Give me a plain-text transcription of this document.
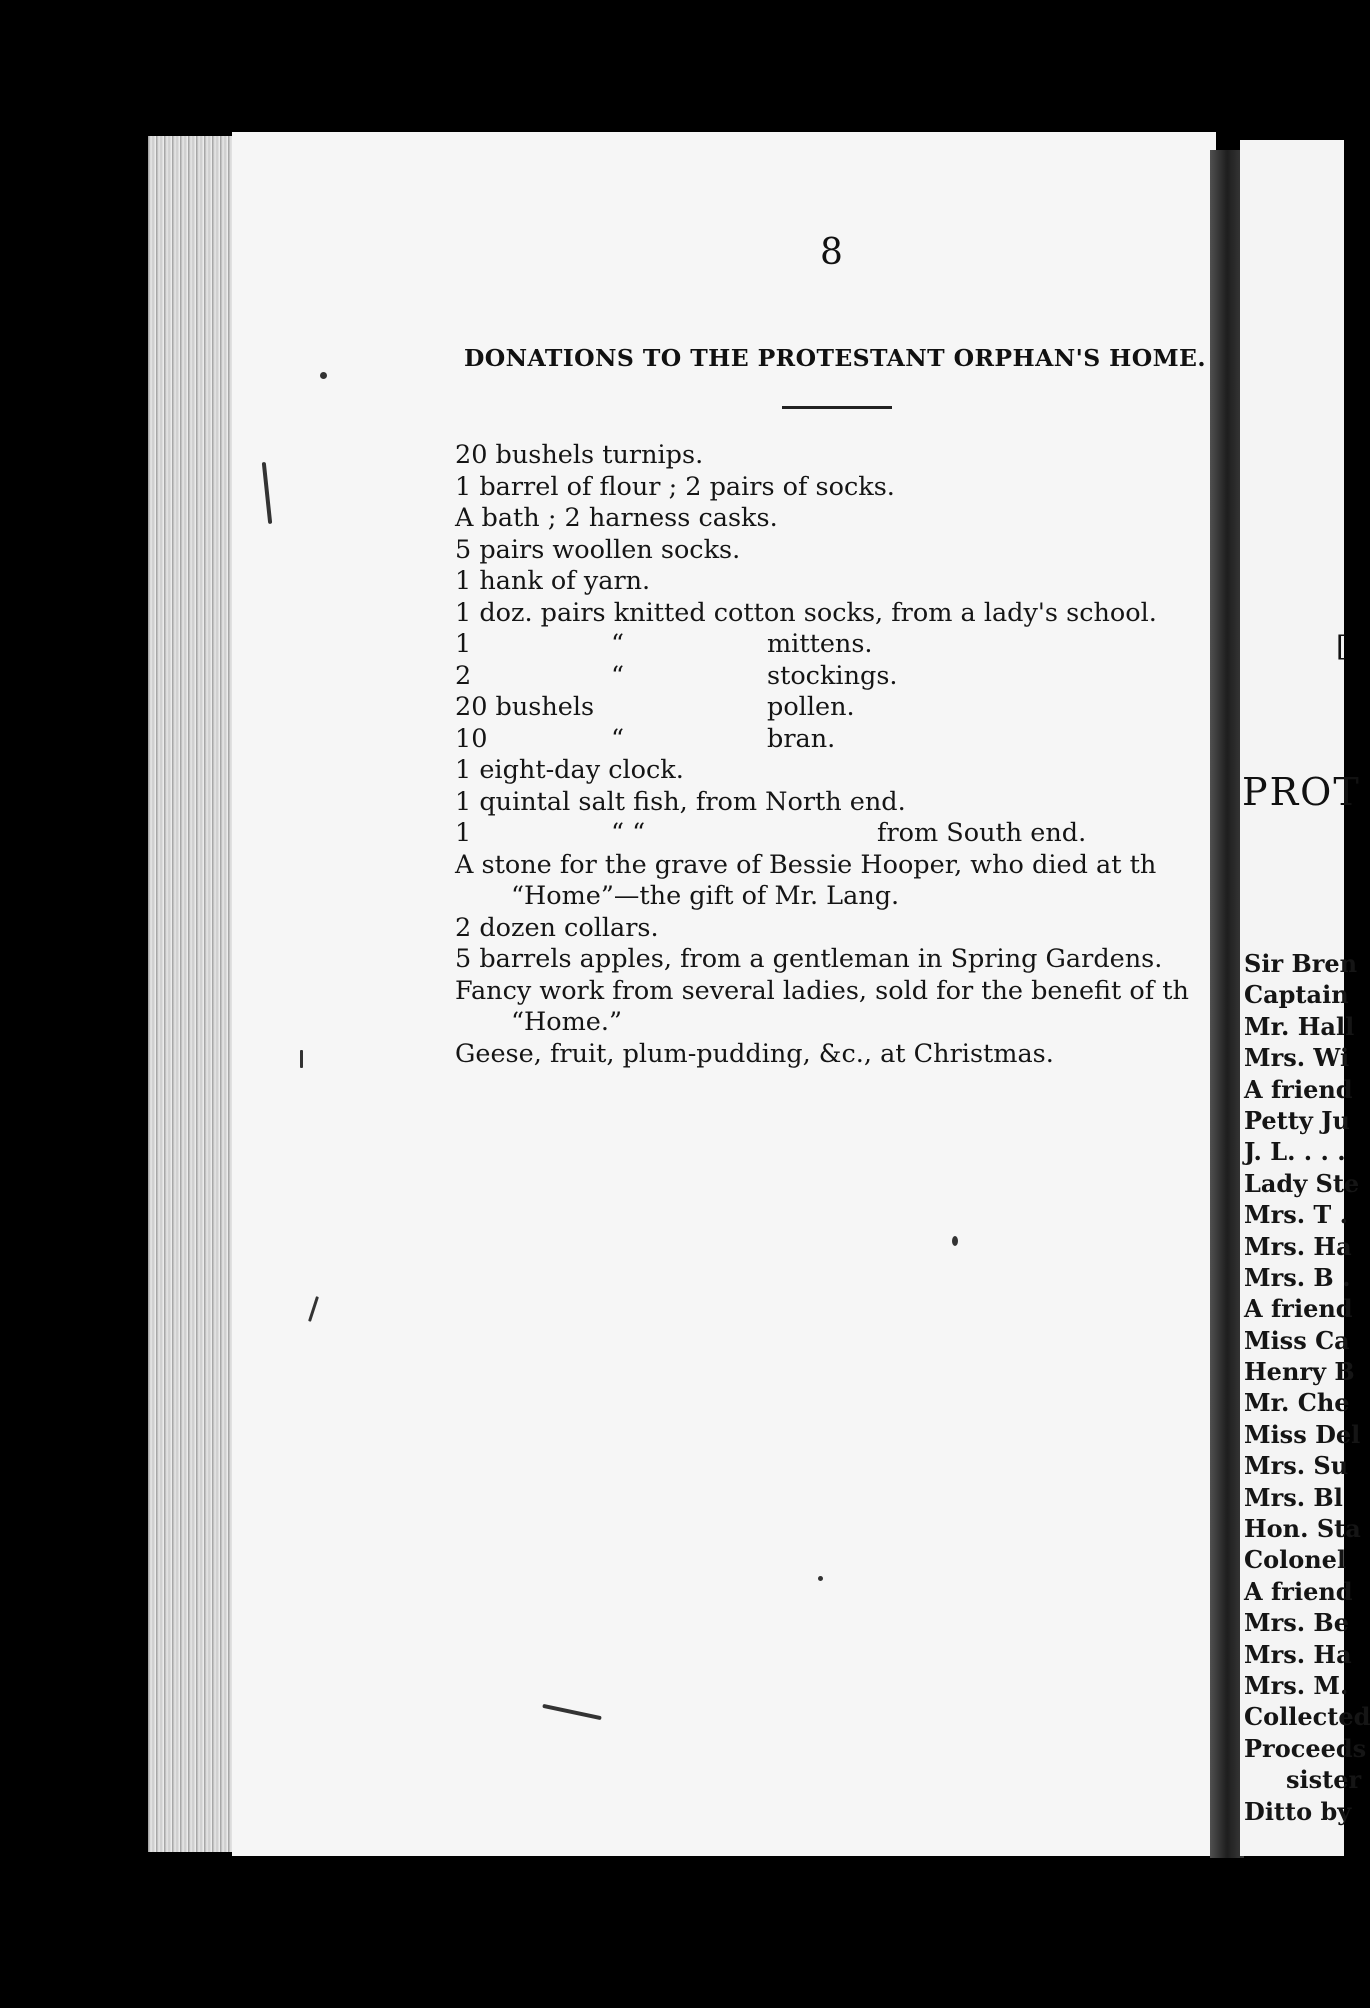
8
DONATIONS TO THE PROTESTANT ORPHAN'S HOME.
20 bushels turnips.
1 barrel of flour ; 2 pairs of socks.
A bath ; 2 harness casks.
5 pairs woollen socks.
1 hank of yarn.
1 doz. pairs knitted cotton socks, from a lady's school.
1	“	mittens.
2	“	stockings.
20 bushels	pollen.
10	“	bran.
1 eight-day clock.
1 quintal salt fish, from North end.
1	“ “	from South end.
A stone for the grave of Bessie Hooper, who died at th
“Home”—the gift of Mr. Lang.
2 dozen collars.
5 barrels apples, from a gentleman in Spring Gardens.
Fancy work from several ladies, sold for the benefit of th
“Home.”
Geese, fruit, plum-pudding, &c., at Christmas.
[
PROT
Sir Bren
Captain
Mr. Hall
Mrs. Wi
A friend
Petty Ju
J. L. . . .
Lady Ste
Mrs. T .
Mrs. Ha
Mrs. B .
A friend
Miss Ca
Henry B
Mr. Che
Miss Del
Mrs. Su
Mrs. Bl
Hon. Sta
Colonel
A friend
Mrs. Be
Mrs. Ha
Mrs. M.
Collected
Proceeds
sister
Ditto by
